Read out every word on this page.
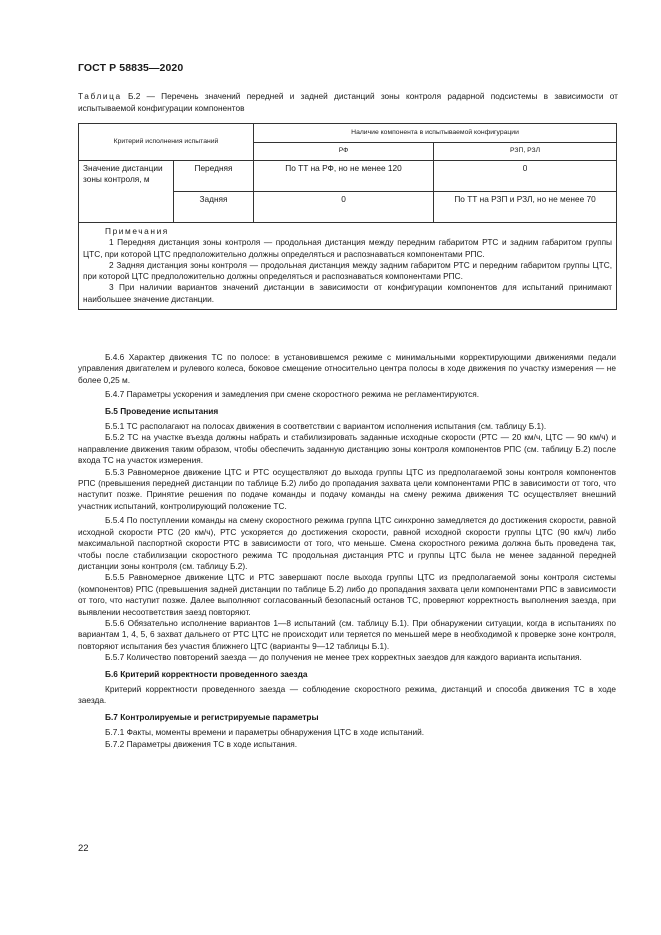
ГОСТ Р 58835—2020
Таблица Б.2 — Перечень значений передней и задней дистанций зоны контроля радарной подсистемы в зависимости от испытываемой конфигурации компонентов
Критерий исполнения испытаний		Наличие компонента в испытываемой конфигурации	
		РФ	РЗП, РЗЛ
Значение дистанции зоны контроля, м	Передняя	По ТТ на РФ, но не менее 120	0
	Задняя	0	По ТТ на РЗП и РЗЛ, но не менее 70

Примечания
1 Передняя дистанция зоны контроля — продольная дистанция между передним габаритом РТС и задним габаритом группы ЦТС, при которой ЦТС предположительно должны определяться и распознаваться компонентами РПС.
2 Задняя дистанция зоны контроля — продольная дистанция между задним габаритом РТС и передним габаритом группы ЦТС, при которой ЦТС предположительно должны определяться и распознаваться компонентами РПС.
3 При наличии вариантов значений дистанции в зависимости от конфигурации компонентов для испытаний принимают наибольшее значение дистанции.			

Б.4.6 Характер движения ТС по полосе: в установившемся режиме с минимальными корректирующими движениями педали управления двигателем и рулевого колеса, боковое смещение относительно центра полосы в ходе движения по участку измерения — не более 0,25 м.

Б.4.7 Параметры ускорения и замедления при смене скоростного режима не регламентируются.

Б.5 Проведение испытания

Б.5.1 ТС располагают на полосах движения в соответствии с вариантом исполнения испытания (см. таблицу Б.1).

Б.5.2 ТС на участке въезда должны набрать и стабилизировать заданные исходные скорости (РТС — 20 км/ч, ЦТС — 90 км/ч) и направление движения таким образом, чтобы обеспечить заданную дистанцию зоны контроля компонентов РПС (см. таблицу Б.2) после входа ТС на участок измерения.

Б.5.3 Равномерное движение ЦТС и РТС осуществляют до выхода группы ЦТС из предполагаемой зоны контроля компонентов РПС (превышения передней дистанции по таблице Б.2) либо до пропадания захвата цели компонентами РПС в зависимости от того, что наступит позже. Принятие решения по подаче команды и подачу команды на смену режима движения ТС осуществляет внешний участник испытаний, контролирующий положение ТС.

Б.5.4 По поступлении команды на смену скоростного режима группа ЦТС синхронно замедляется до достижения скорости, равной исходной скорости РТС (20 км/ч), РТС ускоряется до достижения скорости, равной исходной скорости группы ЦТС (90 км/ч) либо максимальной паспортной скорости РТС в зависимости от того, что меньше. Смена скоростного режима должна быть проведена так, чтобы после стабилизации скоростного режима ТС продольная дистанция РТС и группы ЦТС была не менее заданной передней дистанции зоны контроля (см. таблицу Б.2).

Б.5.5 Равномерное движение ЦТС и РТС завершают после выхода группы ЦТС из предполагаемой зоны контроля системы (компонентов) РПС (превышения задней дистанции по таблице Б.2) либо до пропадания захвата цели компонентами РПС в зависимости от того, что наступит позже. Далее выполняют согласованный безопасный останов ТС, проверяют корректность выполнения заезда, при выявлении несоответствия заезд повторяют.

Б.5.6 Обязательно исполнение вариантов 1—8 испытаний (см. таблицу Б.1). При обнаружении ситуации, когда в испытаниях по вариантам 1, 4, 5, 6 захват дальнего от РТС ЦТС не происходит или теряется по меньшей мере в необходимой к проверке зоне контроля, повторяют испытания без участия ближнего ЦТС (варианты 9—12 таблицы Б.1).

Б.5.7 Количество повторений заезда — до получения не менее трех корректных заездов для каждого варианта испытания.

Б.6 Критерий корректности проведенного заезда

Критерий корректности проведенного заезда — соблюдение скоростного режима, дистанций и способа движения ТС в ходе заезда.

Б.7 Контролируемые и регистрируемые параметры

Б.7.1 Факты, моменты времени и параметры обнаружения ЦТС в ходе испытаний.

Б.7.2 Параметры движения ТС в ходе испытания.

22
